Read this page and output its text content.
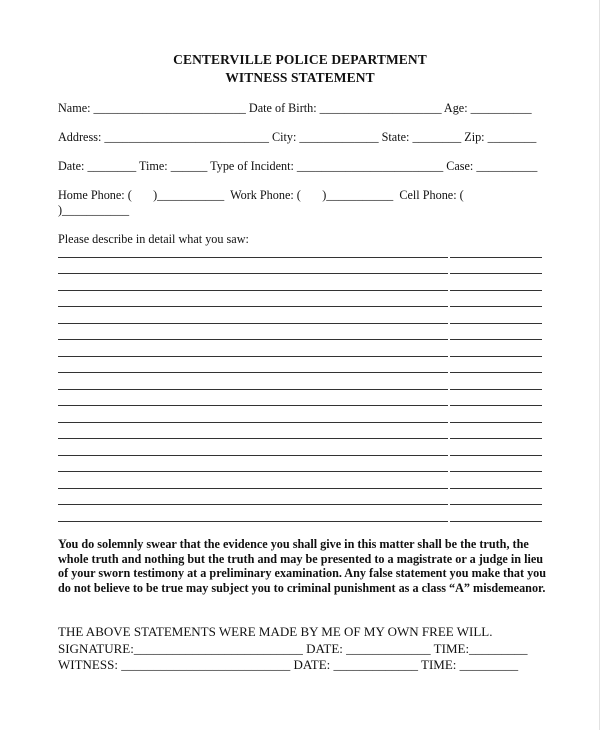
CENTERVILLE POLICE DEPARTMENT
WITNESS STATEMENT
Name: _________________________ Date of Birth: ____________________ Age: __________
Address: ___________________________ City: _____________ State: ________ Zip: ________
Date: ________ Time: ______ Type of Incident: ________________________ Case: __________
Home Phone: (       )___________  Work Phone: (       )___________  Cell Phone: (
)___________
Please describe in detail what you saw:
You do solemnly swear that the evidence you shall give in this matter shall be the truth, the whole truth and nothing but the truth and may be presented to a magistrate or a judge in lieu of your sworn testimony at a preliminary examination. Any false statement you make that you do not believe to be true may subject you to criminal punishment as a class “A” misdemeanor.
THE ABOVE STATEMENTS WERE MADE BY ME OF MY OWN FREE WILL.
SIGNATURE:__________________________ DATE: _____________ TIME:_________
WITNESS: __________________________ DATE: _____________ TIME: _________
